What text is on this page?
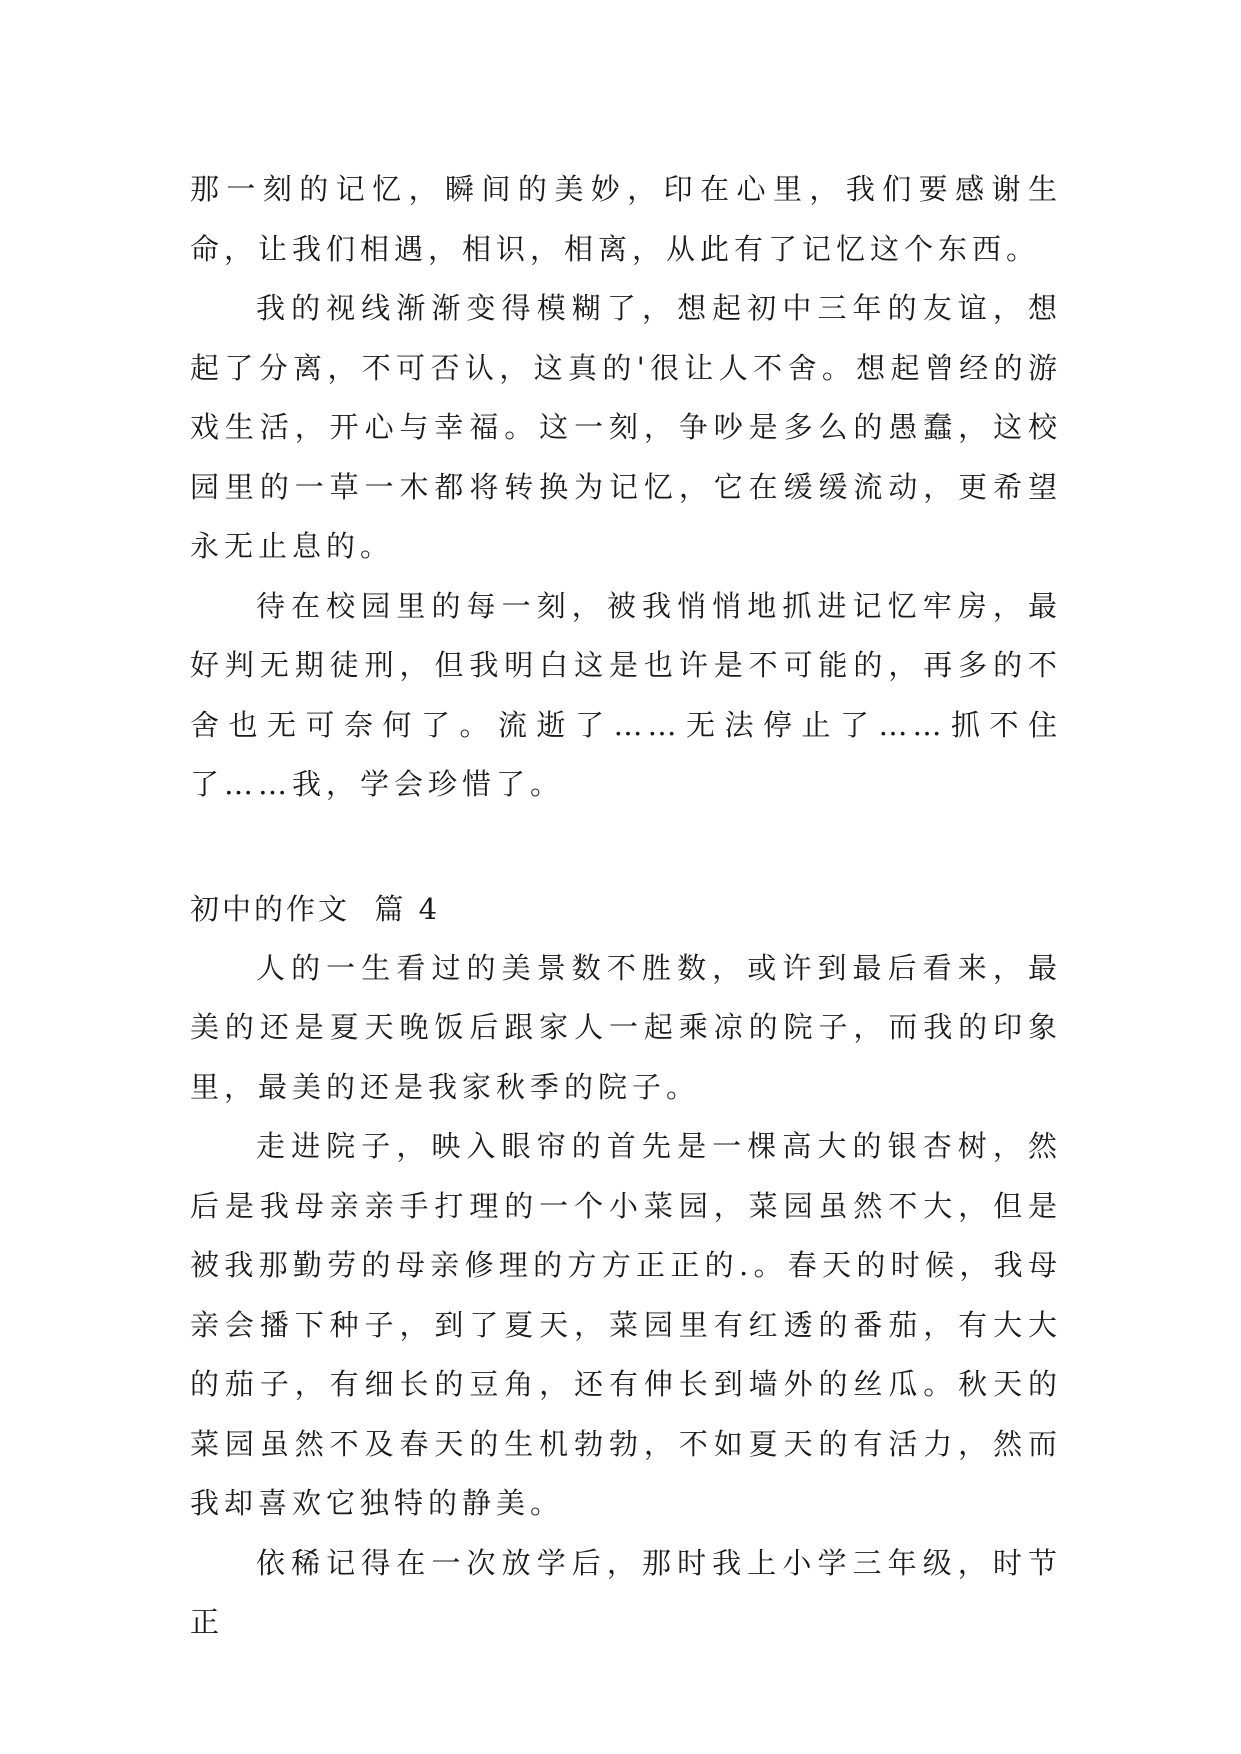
那一刻的记忆，瞬间的美妙，印在心里，我们要感谢生命，让我们相遇，相识，相离，从此有了记忆这个东西。

我的视线渐渐变得模糊了，想起初中三年的友谊，想起了分离，不可否认，这真的'很让人不舍。想起曾经的游戏生活，开心与幸福。这一刻，争吵是多么的愚蠢，这校园里的一草一木都将转换为记忆，它在缓缓流动，更希望永无止息的。

待在校园里的每一刻，被我悄悄地抓进记忆牢房，最好判无期徒刑，但我明白这是也许是不可能的，再多的不舍也无可奈何了。流逝了……无法停止了……抓不住了……我，学会珍惜了。

初中的作文  篇 4

人的一生看过的美景数不胜数，或许到最后看来，最美的还是夏天晚饭后跟家人一起乘凉的院子，而我的印象里，最美的还是我家秋季的院子。

走进院子，映入眼帘的首先是一棵高大的银杏树，然后是我母亲亲手打理的一个小菜园，菜园虽然不大，但是被我那勤劳的母亲修理的方方正正的.。春天的时候，我母亲会播下种子，到了夏天，菜园里有红透的番茄，有大大的茄子，有细长的豆角，还有伸长到墙外的丝瓜。秋天的菜园虽然不及春天的生机勃勃，不如夏天的有活力，然而我却喜欢它独特的静美。

依稀记得在一次放学后，那时我上小学三年级，时节正
